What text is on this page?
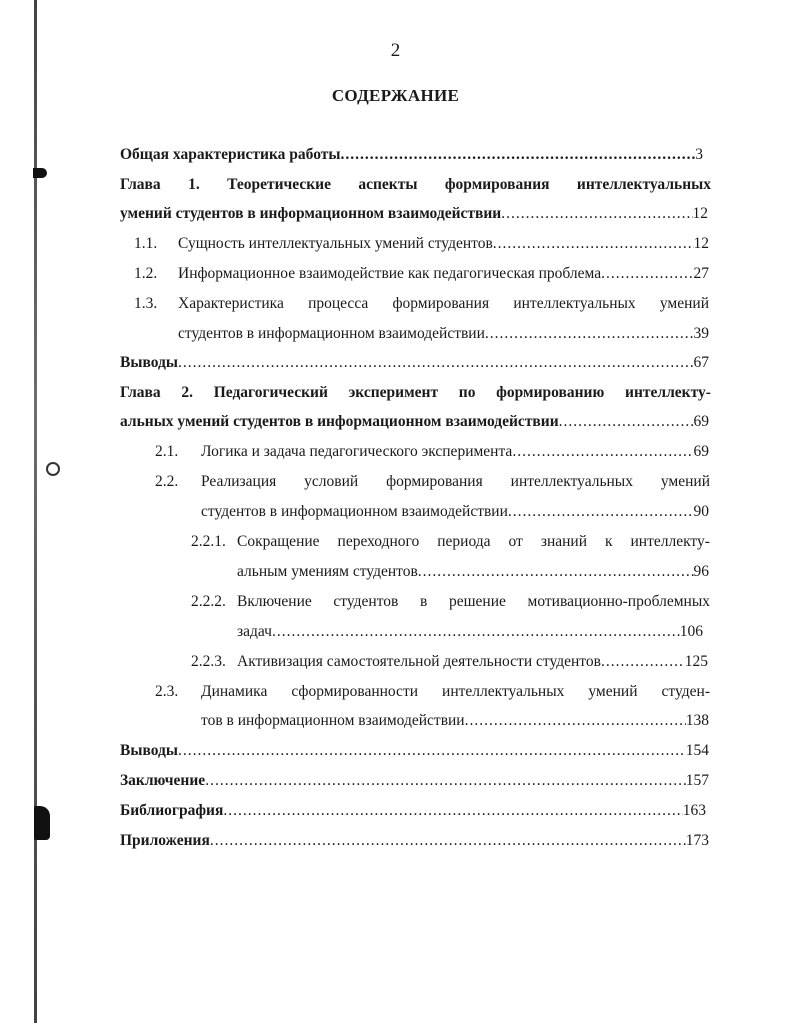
2
СОДЕРЖАНИЕ
Общая характеристика работы .....	3
Глава 1. Теоретические аспекты формирования интеллектуальных
умений студентов в информационном взаимодействии .....	12
1.1. Сущность интеллектуальных умений студентов .....	12
1.2. Информационное взаимодействие как педагогическая проблема .....	27
1.3. Характеристика процесса формирования интеллектуальных умений
студентов в информационном взаимодействии .....	39
Выводы .....	67
Глава 2. Педагогический эксперимент по формированию интеллекту-
альных умений студентов в информационном взаимодействии .....	69
2.1. Логика и задача педагогического эксперимента .....	69
2.2. Реализация условий формирования интеллектуальных умений
студентов в информационном взаимодействии .....	90
2.2.1. Сокращение переходного периода от знаний к интеллекту-
альным умениям студентов .....	96
2.2.2. Включение студентов в решение мотивационно-проблемных
задач .....	106
2.2.3. Активизация самостоятельной деятельности студентов .....	125
2.3. Динамика сформированности интеллектуальных умений студен-
тов в информационном взаимодействии .....	138
Выводы .....	154
Заключение .....	157
Библиография .....	163
Приложения .....	173
